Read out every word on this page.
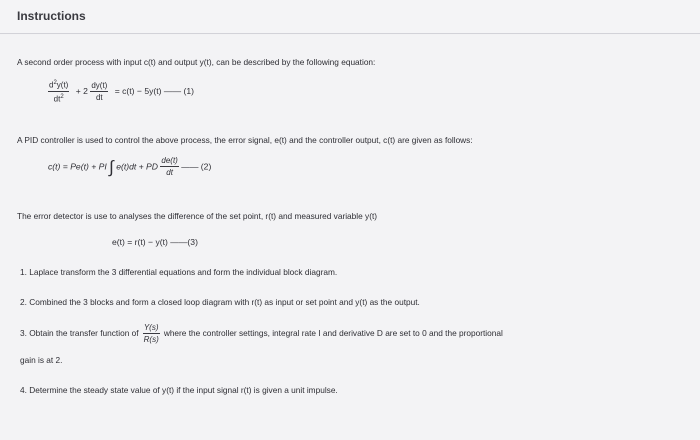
Instructions
A second order process with input c(t) and output y(t), can be described by the following equation:
$\frac{d^2y(t)}{dt^2} + 2 \frac{dy(t)}{dt} = c(t) - 5y(t)$ —— (1)
A PID controller is used to control the above process, the error signal, e(t) and the controller output, c(t) are given as follows:
c(t) = Pe(t) + PI ∫ e(t)dt + PD $\frac{de(t)}{dt}$ —— (2)
The error detector is use to analyses the difference of the set point, r(t) and measured variable y(t)
e(t) = r(t) − y(t) ——(3)
1. Laplace transform the 3 differential equations and form the individual block diagram.
2. Combined the 3 blocks and form a closed loop diagram with r(t) as input or set point and y(t) as the output.
3. Obtain the transfer function of $\frac{Y(s)}{R(s)}$ where the controller settings, integral rate I and derivative D are set to 0 and the proportional
gain is at 2.
4. Determine the steady state value of y(t) if the input signal r(t) is given a unit impulse.
